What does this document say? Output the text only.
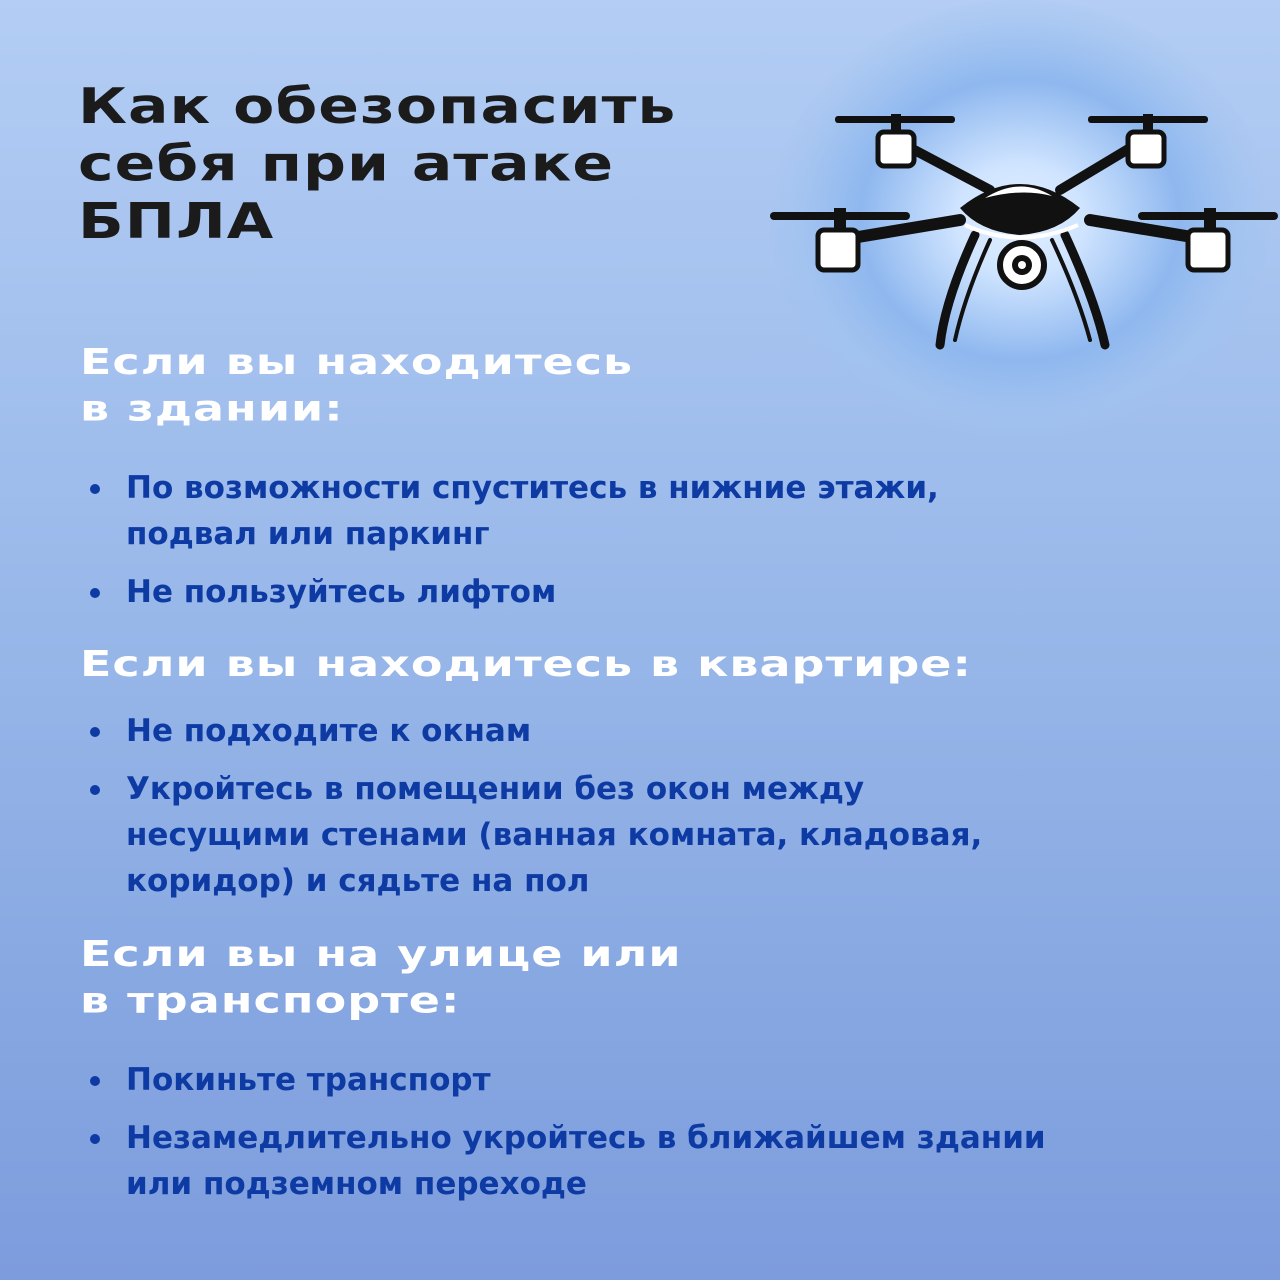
Как обезопасить
себя при атаке
БПЛА
Если вы находитесь
в здании:
По возможности спуститесь в нижние этажи,
подвал или паркинг
Не пользуйтесь лифтом
Если вы находитесь в квартире:
Не подходите к окнам
Укройтесь в помещении без окон между
несущими стенами (ванная комната, кладовая,
коридор) и сядьте на пол
Если вы на улице или
в транспорте:
Покиньте транспорт
Незамедлительно укройтесь в ближайшем здании
или подземном переходе
